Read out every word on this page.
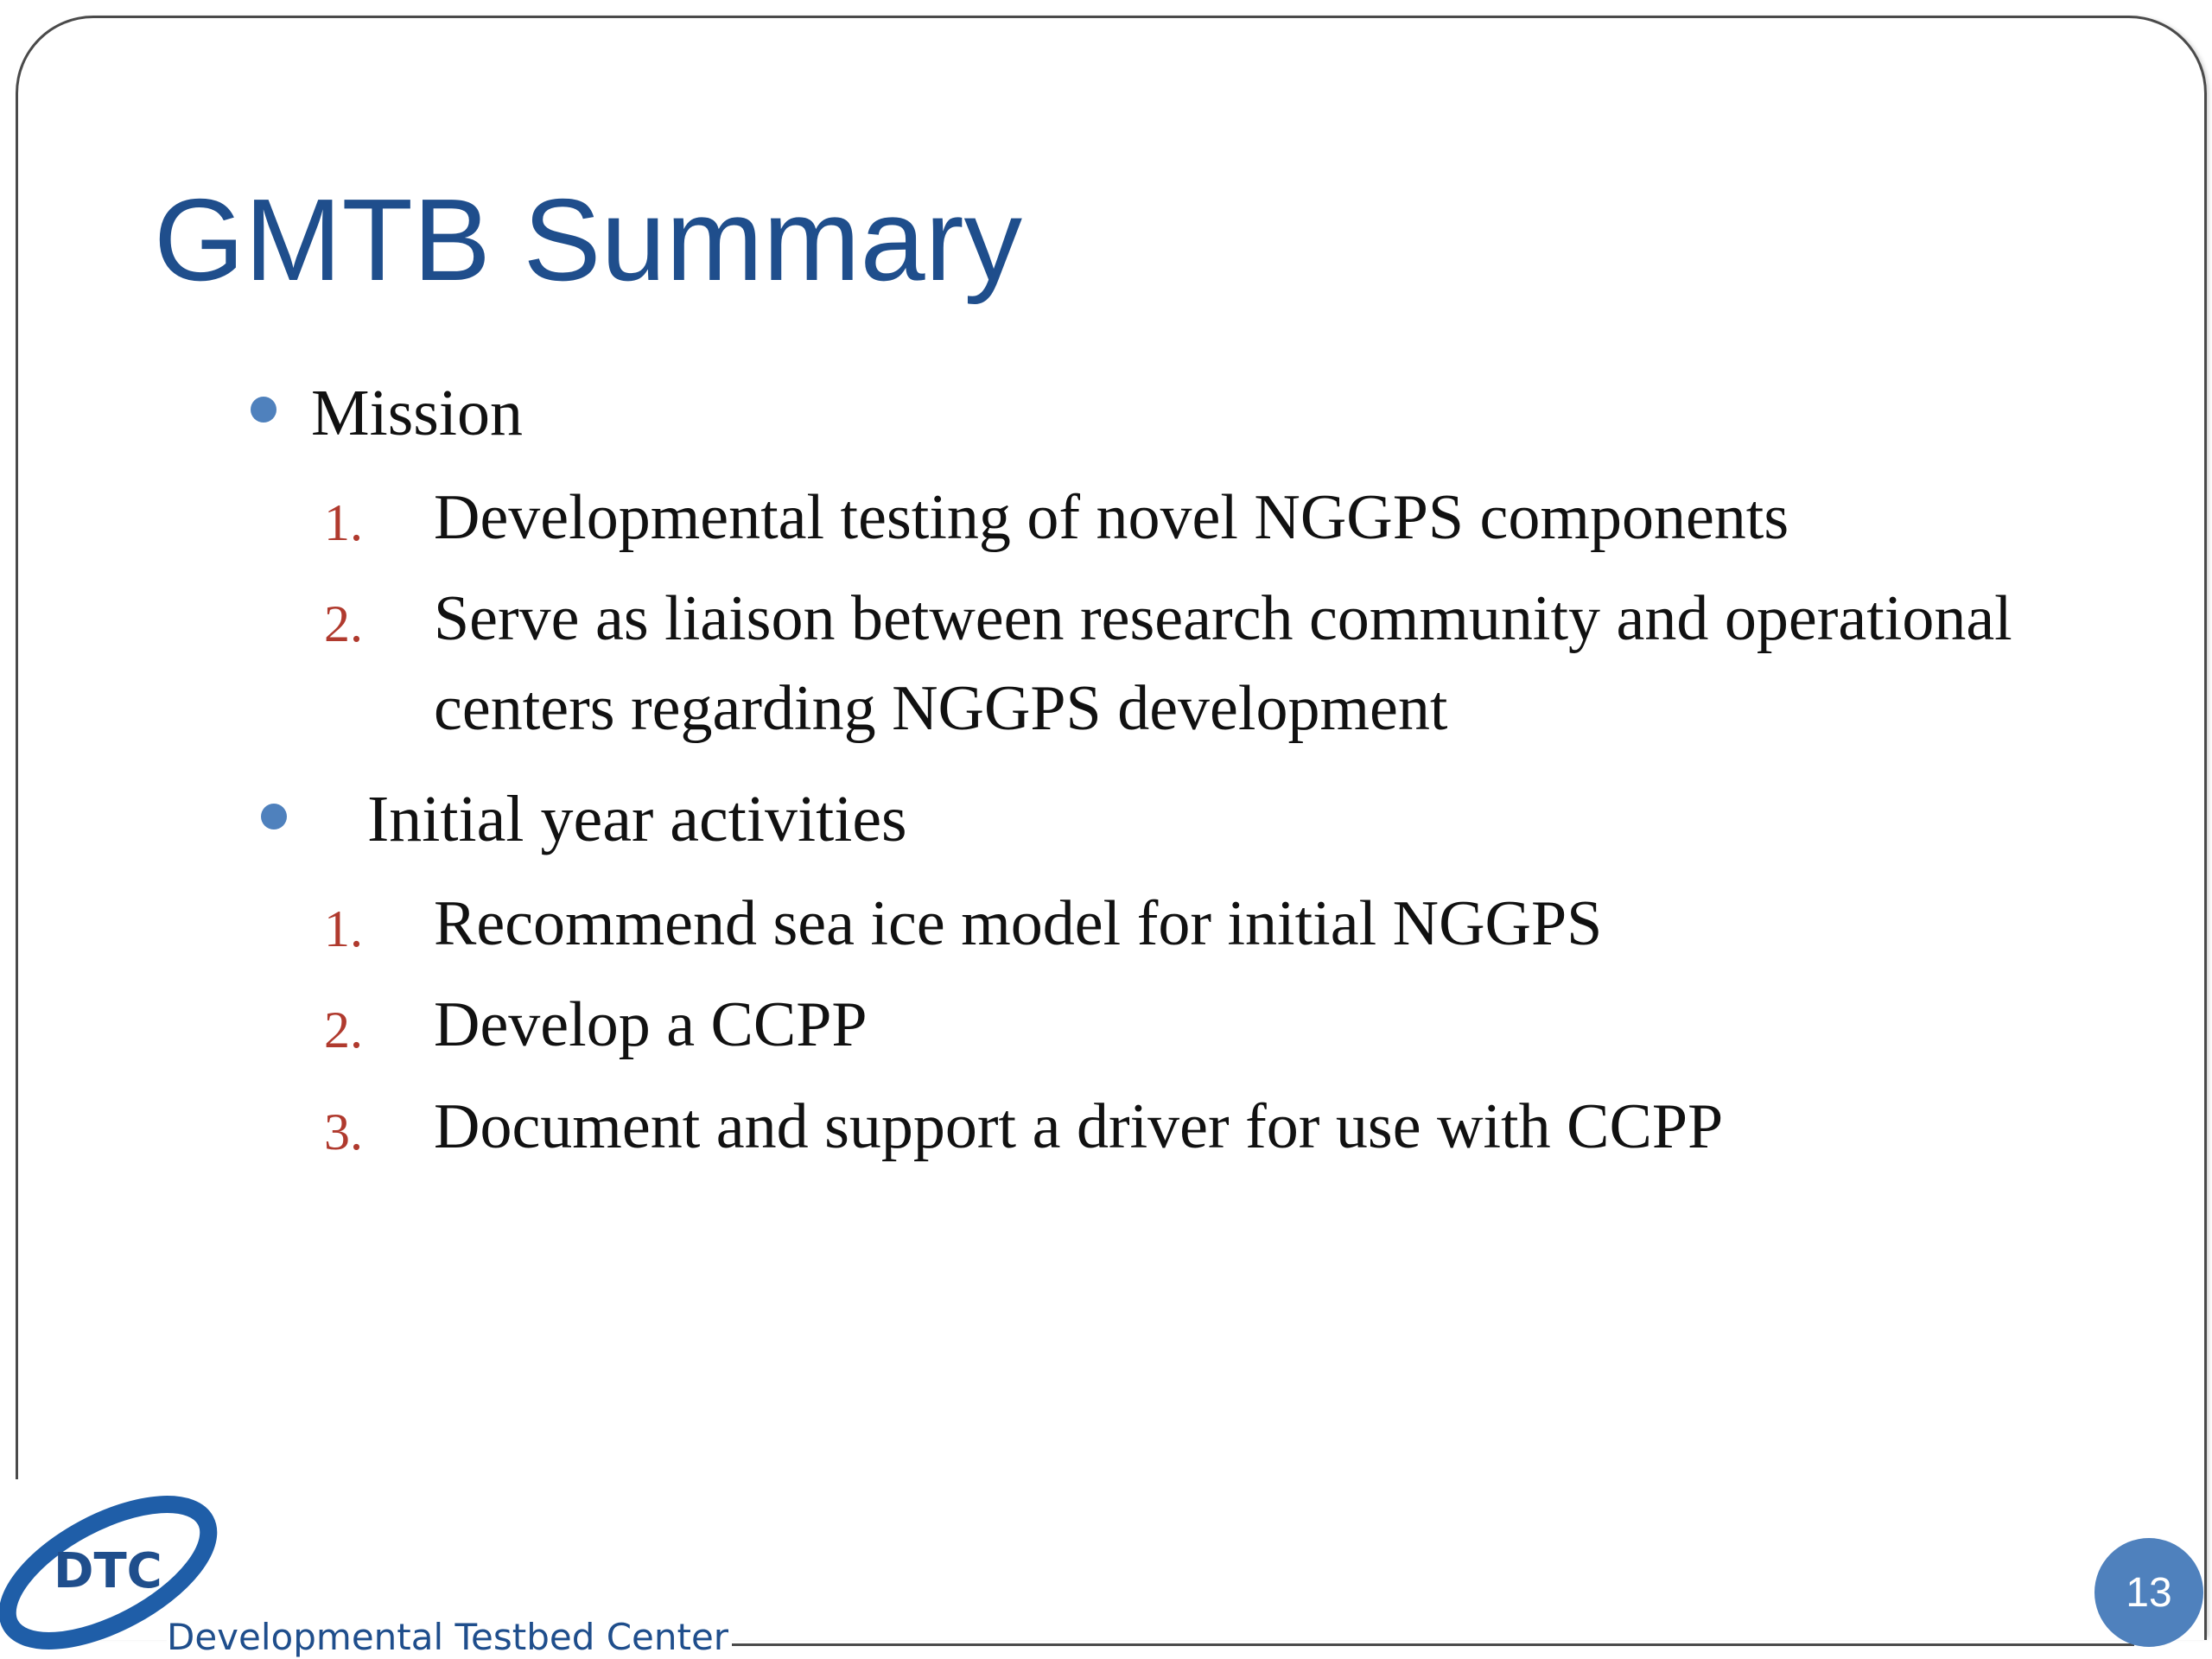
GMTB Summary
Mission
1. Developmental testing of novel NGGPS components
2. Serve as liaison between research community and operational centers regarding NGGPS development
Initial year activities
1. Recommend sea ice model for initial NGGPS
2. Develop a CCPP
3. Document and support a driver for use with CCPP
DTC
Developmental Testbed Center
13
